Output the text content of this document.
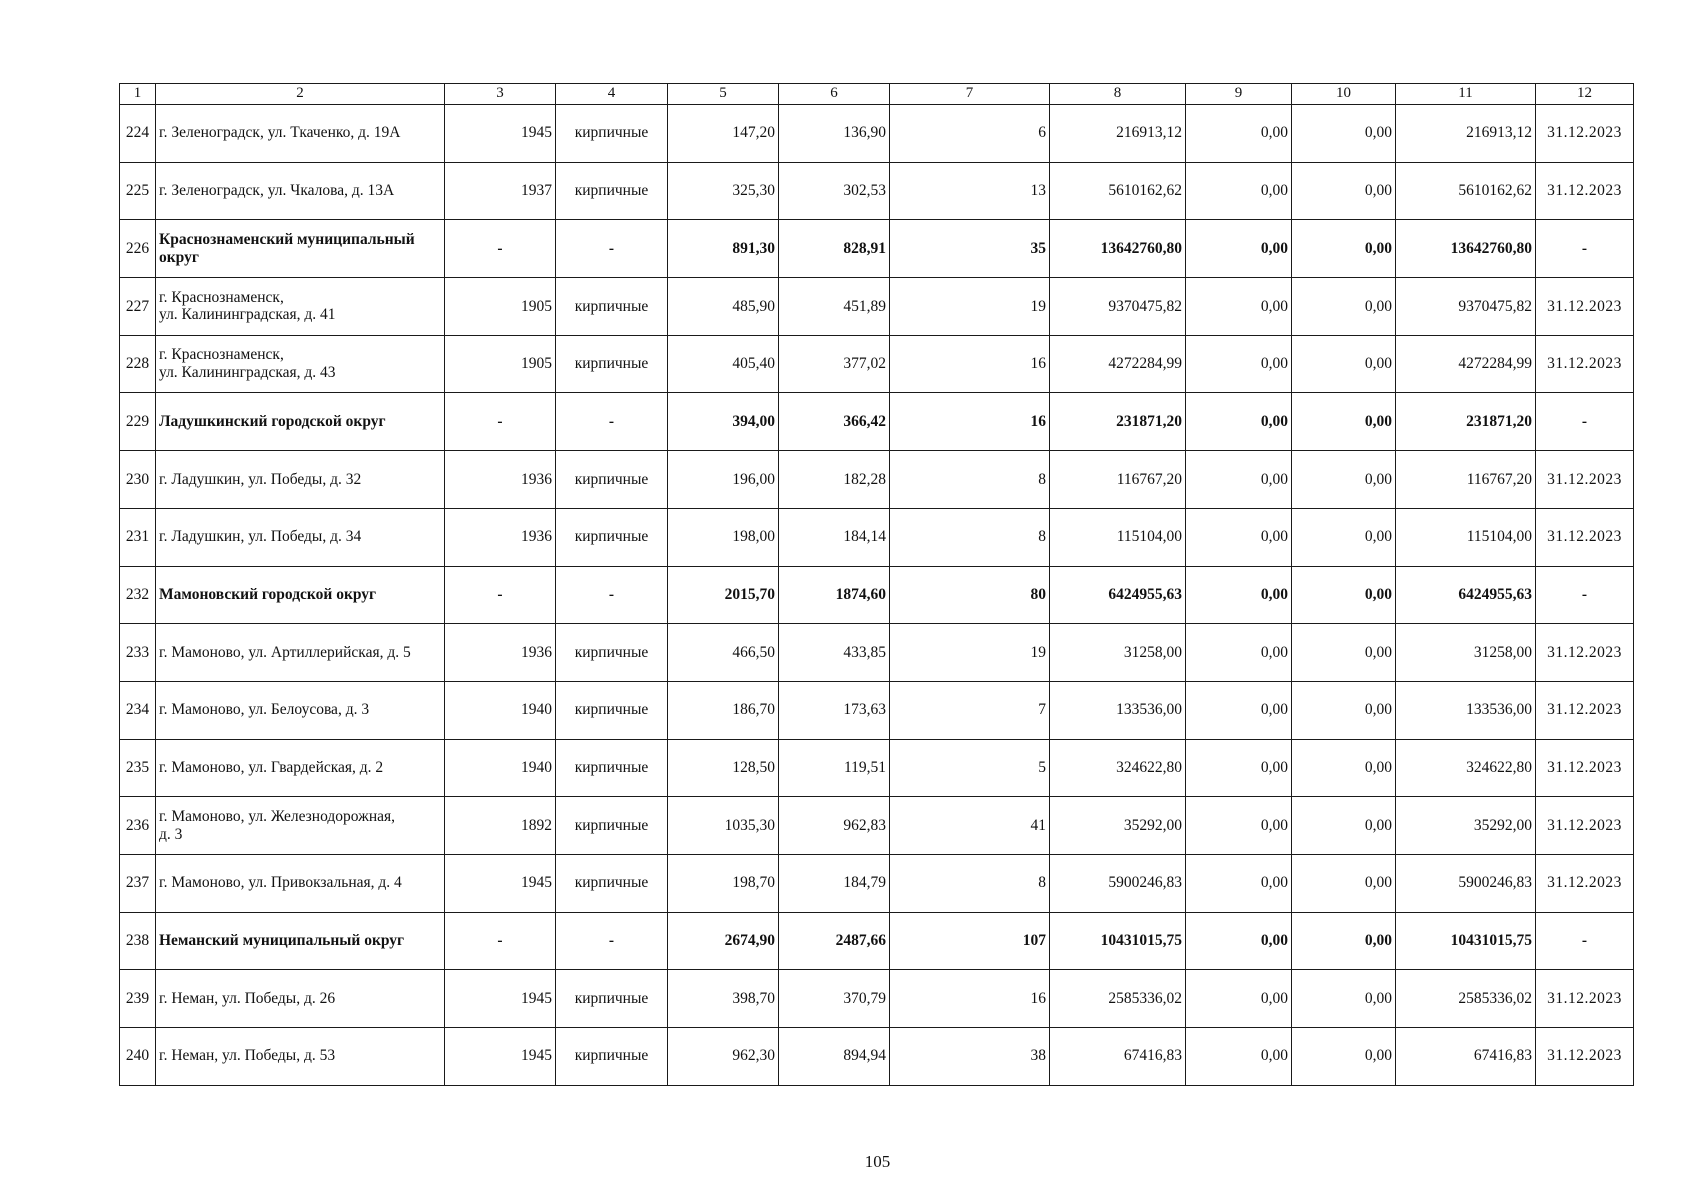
1	2	3	4	5	6	7	8	9	10	11	12
224	г. Зеленоградск, ул. Ткаченко, д. 19А	1945	кирпичные	147,20	136,90	6	216913,12	0,00	0,00	216913,12	31.12.2023
225	г. Зеленоградск, ул. Чкалова, д. 13А	1937	кирпичные	325,30	302,53	13	5610162,62	0,00	0,00	5610162,62	31.12.2023
226	Краснознаменский муниципальный округ	-	-	891,30	828,91	35	13642760,80	0,00	0,00	13642760,80	-
227	г. Краснознаменск,
ул. Калининградская, д. 41	1905	кирпичные	485,90	451,89	19	9370475,82	0,00	0,00	9370475,82	31.12.2023
228	г. Краснознаменск,
ул. Калининградская, д. 43	1905	кирпичные	405,40	377,02	16	4272284,99	0,00	0,00	4272284,99	31.12.2023
229	Ладушкинский городской округ	-	-	394,00	366,42	16	231871,20	0,00	0,00	231871,20	-
230	г. Ладушкин, ул. Победы, д. 32	1936	кирпичные	196,00	182,28	8	116767,20	0,00	0,00	116767,20	31.12.2023
231	г. Ладушкин, ул. Победы, д. 34	1936	кирпичные	198,00	184,14	8	115104,00	0,00	0,00	115104,00	31.12.2023
232	Мамоновский городской округ	-	-	2015,70	1874,60	80	6424955,63	0,00	0,00	6424955,63	-
233	г. Мамоново, ул. Артиллерийская, д. 5	1936	кирпичные	466,50	433,85	19	31258,00	0,00	0,00	31258,00	31.12.2023
234	г. Мамоново, ул. Белоусова, д. 3	1940	кирпичные	186,70	173,63	7	133536,00	0,00	0,00	133536,00	31.12.2023
235	г. Мамоново, ул. Гвардейская, д. 2	1940	кирпичные	128,50	119,51	5	324622,80	0,00	0,00	324622,80	31.12.2023
236	г. Мамоново, ул. Железнодорожная,
д. 3	1892	кирпичные	1035,30	962,83	41	35292,00	0,00	0,00	35292,00	31.12.2023
237	г. Мамоново, ул. Привокзальная, д. 4	1945	кирпичные	198,70	184,79	8	5900246,83	0,00	0,00	5900246,83	31.12.2023
238	Неманский муниципальный округ	-	-	2674,90	2487,66	107	10431015,75	0,00	0,00	10431015,75	-
239	г. Неман, ул. Победы, д. 26	1945	кирпичные	398,70	370,79	16	2585336,02	0,00	0,00	2585336,02	31.12.2023
240	г. Неман, ул. Победы, д. 53	1945	кирпичные	962,30	894,94	38	67416,83	0,00	0,00	67416,83	31.12.2023
105
